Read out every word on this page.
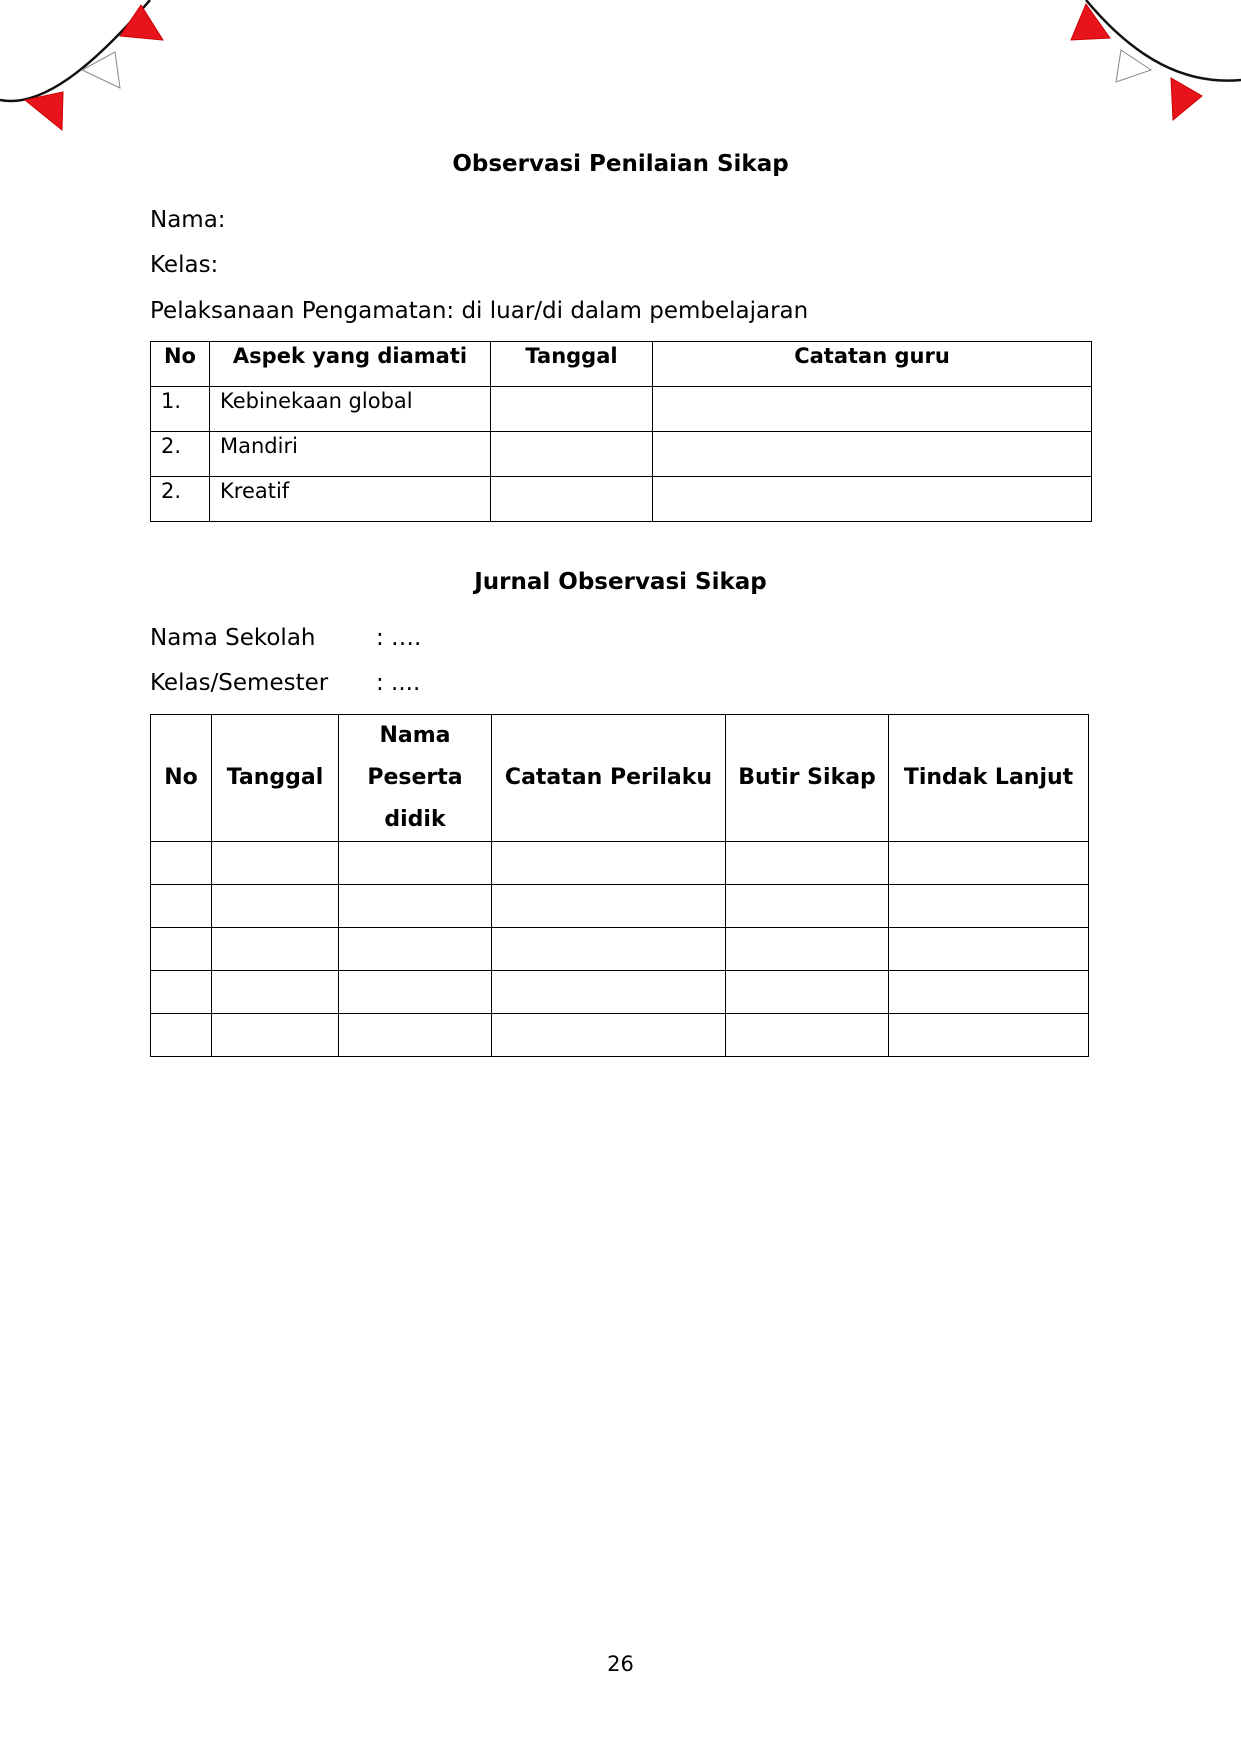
Observasi Penilaian Sikap
Nama:
Kelas:
Pelaksanaan Pengamatan: di luar/di dalam pembelajaran
No	Aspek yang diamati	Tanggal	Catatan guru
1.	Kebinekaan global		
2.	Mandiri		
2.	Kreatif		
Jurnal Observasi Sikap
Nama Sekolah	: ….
Kelas/Semester : ....
No	Tanggal	Nama Peserta didik	Catatan Perilaku	Butir Sikap	Tindak Lanjut

26
